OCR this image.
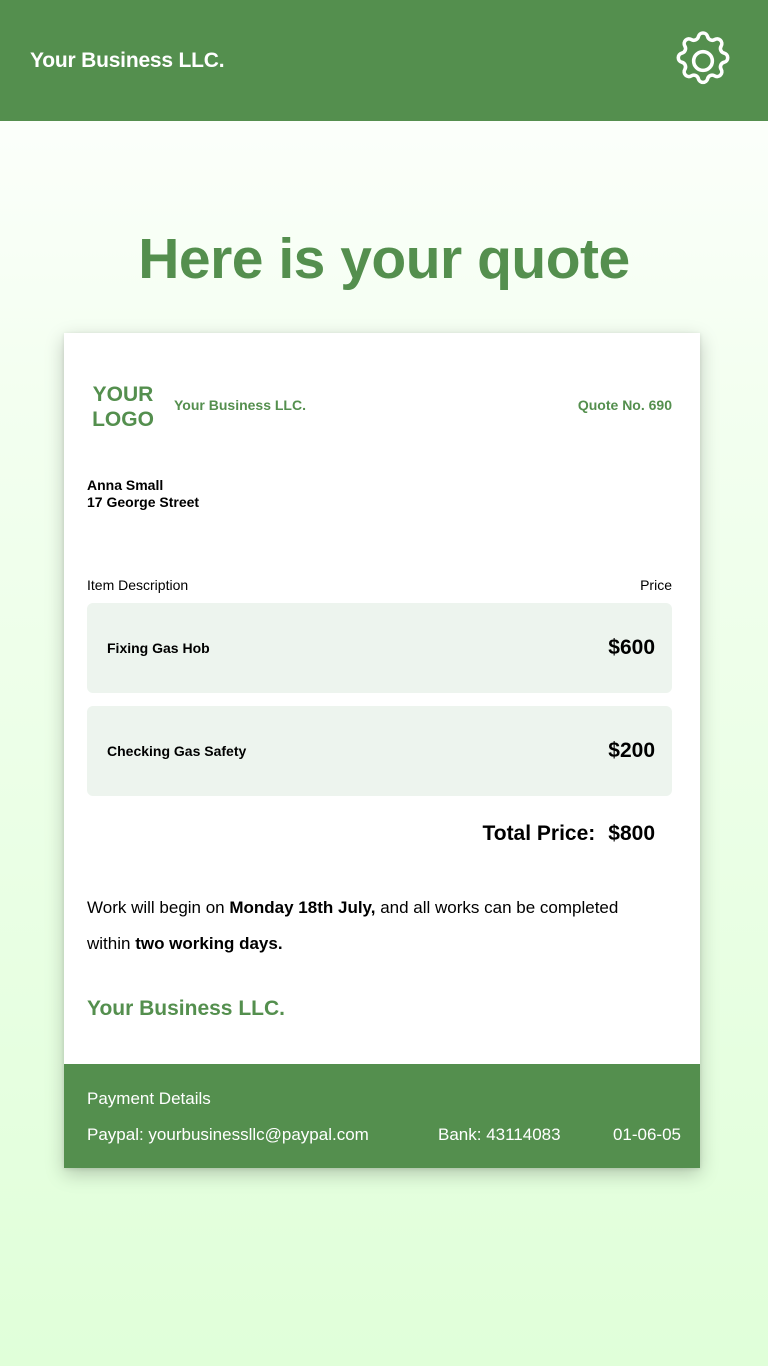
Your Business LLC.
Here is your quote
YOUR
LOGO
Your Business LLC.	Quote No. 690
Anna Small
17 George Street
Item Description	Price
Fixing Gas Hob	$600
Checking Gas Safety	$200
Total Price: $800

Work will begin on Monday 18th July, and all works can be completed within two working days.

Your Business LLC.
Payment Details
Paypal: yourbusinessllc@paypal.com	Bank: 43114083	01-06-05
